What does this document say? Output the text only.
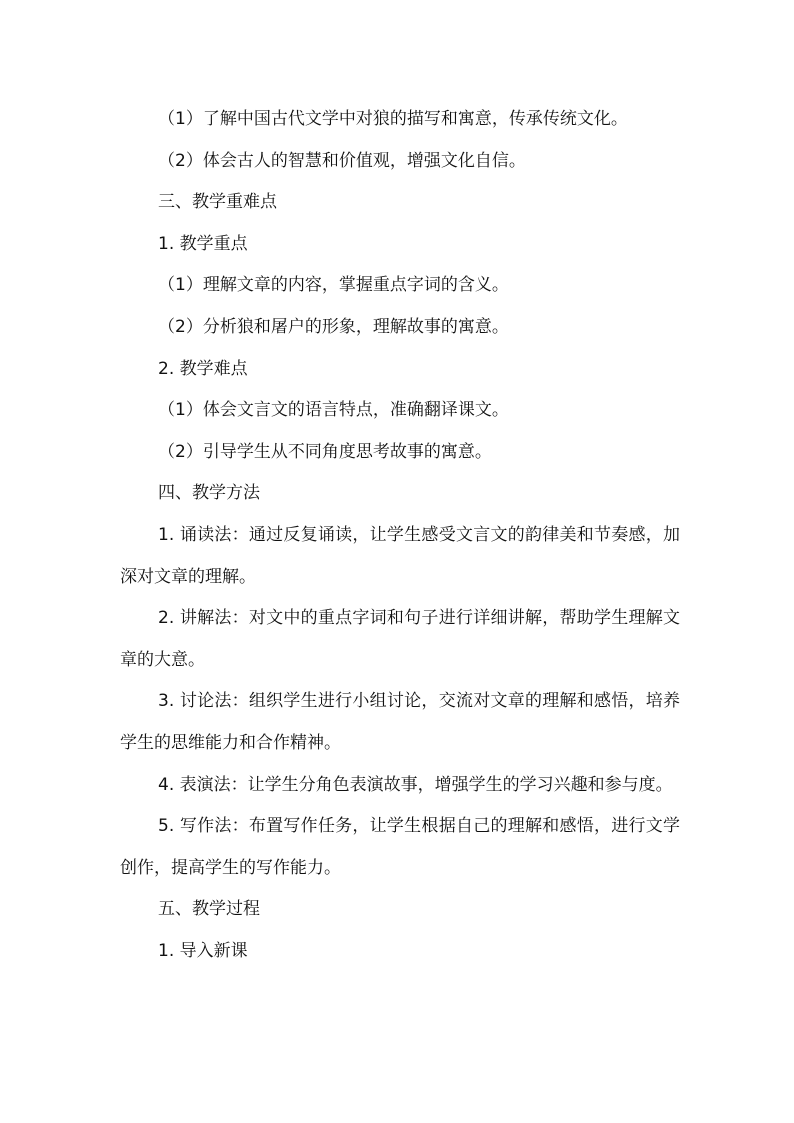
（1）了解中国古代文学中对狼的描写和寓意，传承传统文化。

（2）体会古人的智慧和价值观，增强文化自信。

三、教学重难点

1. 教学重点

（1）理解文章的内容，掌握重点字词的含义。

（2）分析狼和屠户的形象，理解故事的寓意。

2. 教学难点

（1）体会文言文的语言特点，准确翻译课文。

（2）引导学生从不同角度思考故事的寓意。

四、教学方法

1. 诵读法：通过反复诵读，让学生感受文言文的韵律美和节奏感，加深对文章的理解。

2. 讲解法：对文中的重点字词和句子进行详细讲解，帮助学生理解文章的大意。

3. 讨论法：组织学生进行小组讨论，交流对文章的理解和感悟，培养学生的思维能力和合作精神。

4. 表演法：让学生分角色表演故事，增强学生的学习兴趣和参与度。

5. 写作法：布置写作任务，让学生根据自己的理解和感悟，进行文学创作，提高学生的写作能力。

五、教学过程

1. 导入新课
